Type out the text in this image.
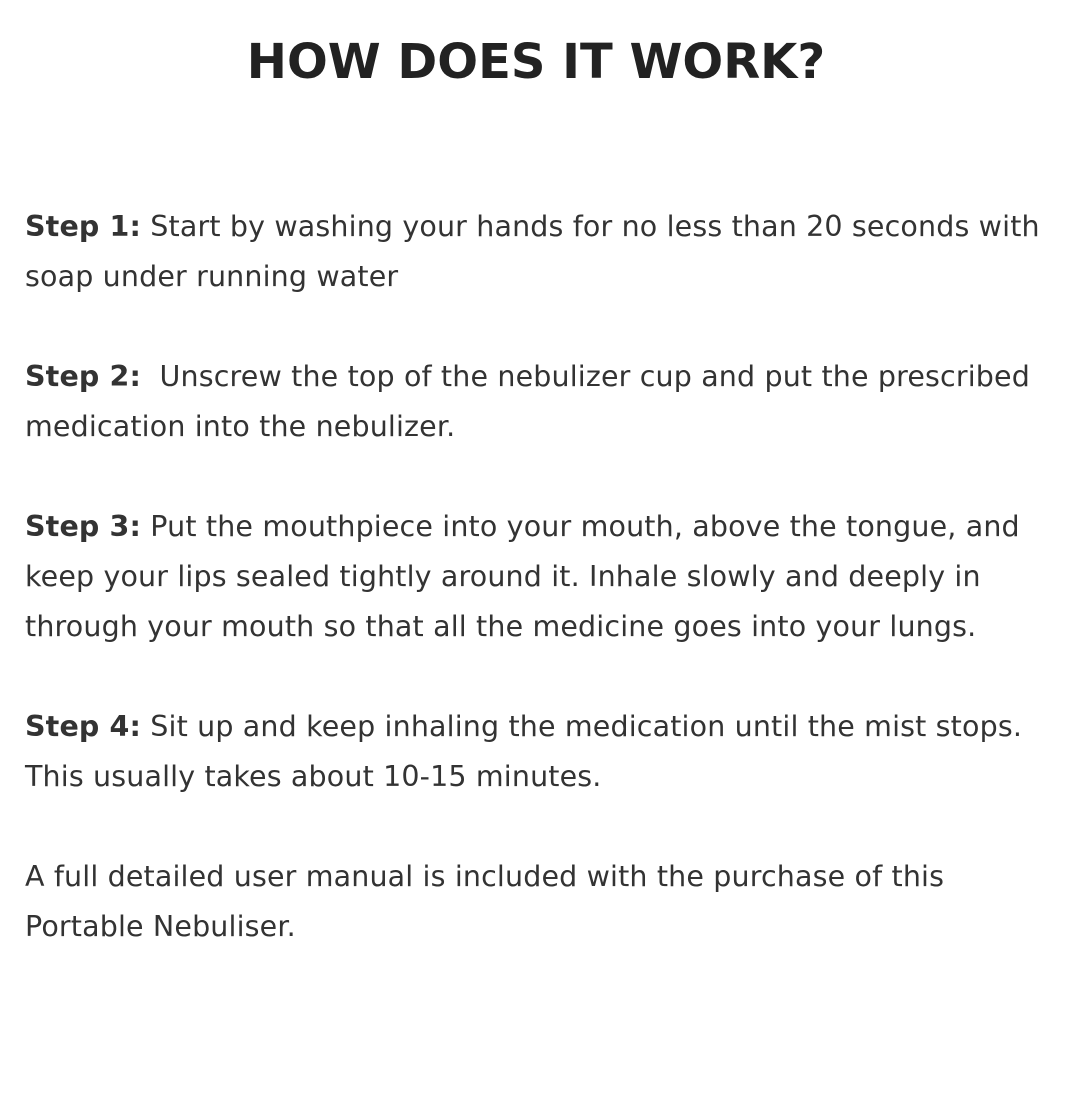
HOW DOES IT WORK?

Step 1: Start by washing your hands for no less than 20 seconds with soap under running water

Step 2:  Unscrew the top of the nebulizer cup and put the prescribed medication into the nebulizer.

Step 3: Put the mouthpiece into your mouth, above the tongue, and keep your lips sealed tightly around it. Inhale slowly and deeply in through your mouth so that all the medicine goes into your lungs.

Step 4: Sit up and keep inhaling the medication until the mist stops. This usually takes about 10-15 minutes.

A full detailed user manual is included with the purchase of this Portable Nebuliser.
